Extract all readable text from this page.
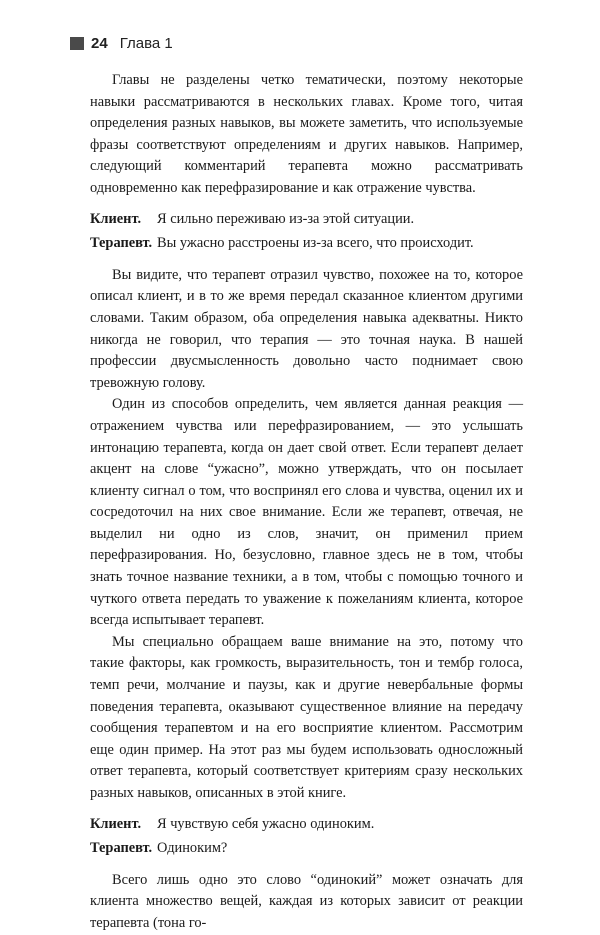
24 Глава 1

Главы не разделены четко тематически, поэтому некоторые навыки рассматриваются в нескольких главах. Кроме того, читая определения разных навыков, вы можете заметить, что используемые фразы соответствуют определениям и других навыков. Например, следующий комментарий терапевта можно рассматривать одновременно как перефразирование и как отражение чувства.

Клиент.	Я сильно переживаю из-за этой ситуации.
Терапевт. Вы ужасно расстроены из-за всего, что происходит.

Вы видите, что терапевт отразил чувство, похожее на то, которое описал клиент, и в то же время передал сказанное клиентом другими словами. Таким образом, оба определения навыка адекватны. Никто никогда не говорил, что терапия — это точная наука. В нашей профессии двусмысленность довольно часто поднимает свою тревожную голову.

Один из способов определить, чем является данная реакция — отражением чувства или перефразированием, — это услышать интонацию терапевта, когда он дает свой ответ. Если терапевт делает акцент на слове “ужасно”, можно утверждать, что он посылает клиенту сигнал о том, что воспринял его слова и чувства, оценил их и сосредоточил на них свое внимание. Если же терапевт, отвечая, не выделил ни одно из слов, значит, он применил прием перефразирования. Но, безусловно, главное здесь не в том, чтобы знать точное название техники, а в том, чтобы с помощью точного и чуткого ответа передать то уважение к пожеланиям клиента, которое всегда испытывает терапевт.

Мы специально обращаем ваше внимание на это, потому что такие факторы, как громкость, выразительность, тон и тембр голоса, темп речи, молчание и паузы, как и другие невербальные формы поведения терапевта, оказывают существенное влияние на передачу сообщения терапевтом и на его восприятие клиентом. Рассмотрим еще один пример. На этот раз мы будем использовать односложный ответ терапевта, который соответствует критериям сразу нескольких разных навыков, описанных в этой книге.

Клиент.	Я чувствую себя ужасно одиноким.
Терапевт. Одиноким?

Всего лишь одно это слово “одинокий” может означать для клиента множество вещей, каждая из которых зависит от реакции терапевта (тона го-
